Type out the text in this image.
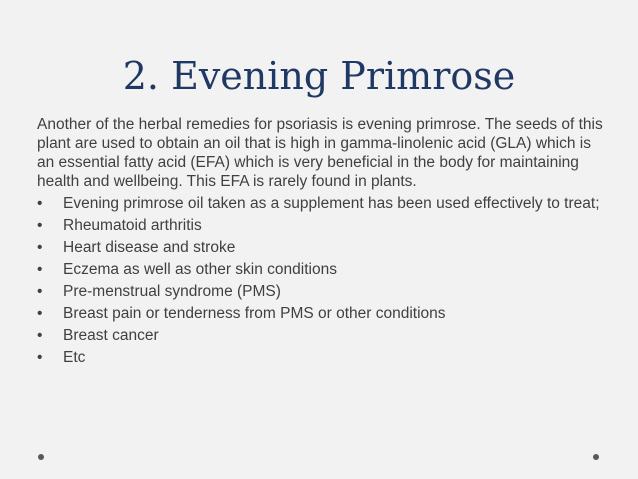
2. Evening Primrose

Another of the herbal remedies for psoriasis is evening primrose. The seeds of this plant are used to obtain an oil that is high in gamma-linolenic acid (GLA) which is an essential fatty acid (EFA) which is very beneficial in the body for maintaining health and wellbeing. This EFA is rarely found in plants.

• Evening primrose oil taken as a supplement has been used effectively to treat;
• Rheumatoid arthritis
• Heart disease and stroke
• Eczema as well as other skin conditions
• Pre-menstrual syndrome (PMS)
• Breast pain or tenderness from PMS or other conditions
• Breast cancer
• Etc
